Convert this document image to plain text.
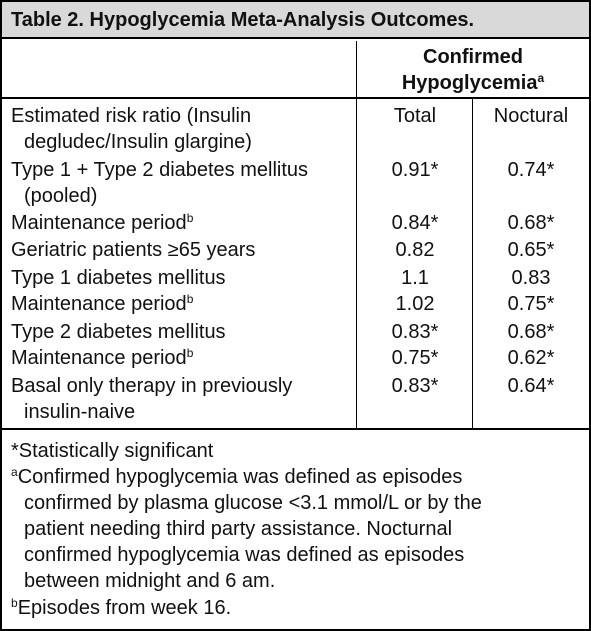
Table 2. Hypoglycemia Meta-Analysis Outcomes.
Confirmed
Hypoglycemia$^a$
Estimated risk ratio (Insulin
degludec/Insulin glargine)
Type 1 + Type 2 diabetes mellitus
(pooled)
Maintenance period$^b$
Geriatric patients ≥65 years
Type 1 diabetes mellitus
Maintenance period$^b$
Type 2 diabetes mellitus
Maintenance period$^b$
Basal only therapy in previously
insulin-naive
Total
0.91*
0.84*
0.82
1.1
1.02
0.83*
0.75*
0.83*
Noctural
0.74*
0.68*
0.65*
0.83
0.75*
0.68*
0.62*
0.64*
*Statistically significant
$^a$Confirmed hypoglycemia was defined as episodes
confirmed by plasma glucose <3.1 mmol/L or by the
patient needing third party assistance. Nocturnal
confirmed hypoglycemia was defined as episodes
between midnight and 6 am.
$^b$Episodes from week 16.
